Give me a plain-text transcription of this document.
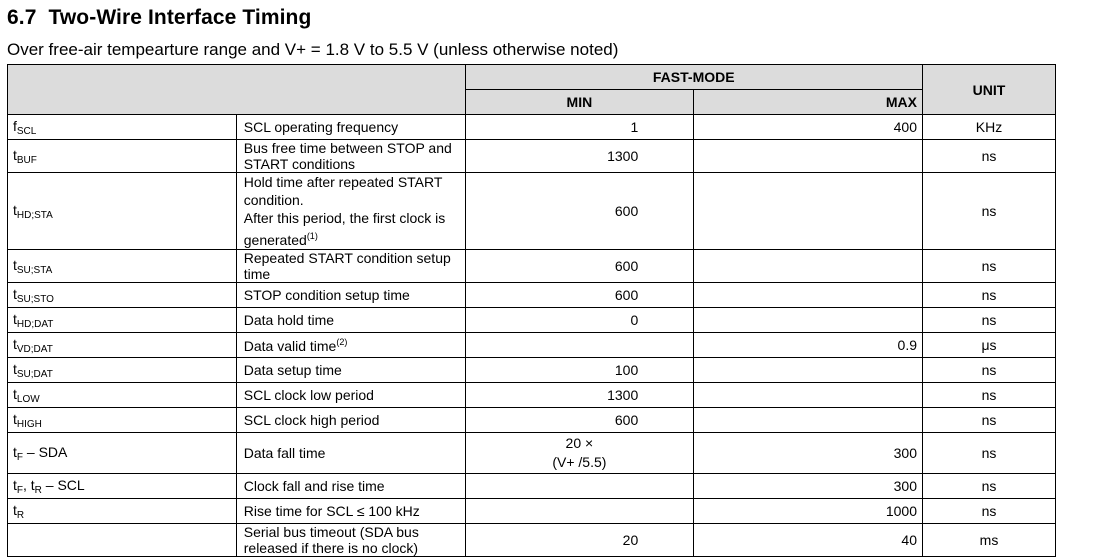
6.7 Two-Wire Interface Timing
Over free-air tempearture range and V+ = 1.8 V to 5.5 V (unless otherwise noted)
		FAST-MODE		UNIT
		MIN	MAX	
$f_{SCL}$	SCL operating frequency	1	400	KHz
$t_{BUF}$	Bus free time between STOP and START conditions	1300		ns
$t_{HD;STA}$	Hold time after repeated START condition.
After this period, the first clock is generated$^{(1)}$	600		ns
$t_{SU;STA}$	Repeated START condition setup time	600		ns
$t_{SU;STO}$	STOP condition setup time	600		ns
$t_{HD;DAT}$	Data hold time	0		ns
$t_{VD;DAT}$	Data valid time$^{(2)}$		0.9	μs
$t_{SU;DAT}$	Data setup time	100		ns
$t_{LOW}$	SCL clock low period	1300		ns
$t_{HIGH}$	SCL clock high period	600		ns
$t_F$ – SDA	Data fall time	20 ×
(V+ /5.5)	300	ns
$t_F$, $t_R$ – SCL	Clock fall and rise time		300	ns
$t_R$	Rise time for SCL ≤ 100 kHz		1000	ns
	Serial bus timeout (SDA bus released if there is no clock)	20	40	ms
